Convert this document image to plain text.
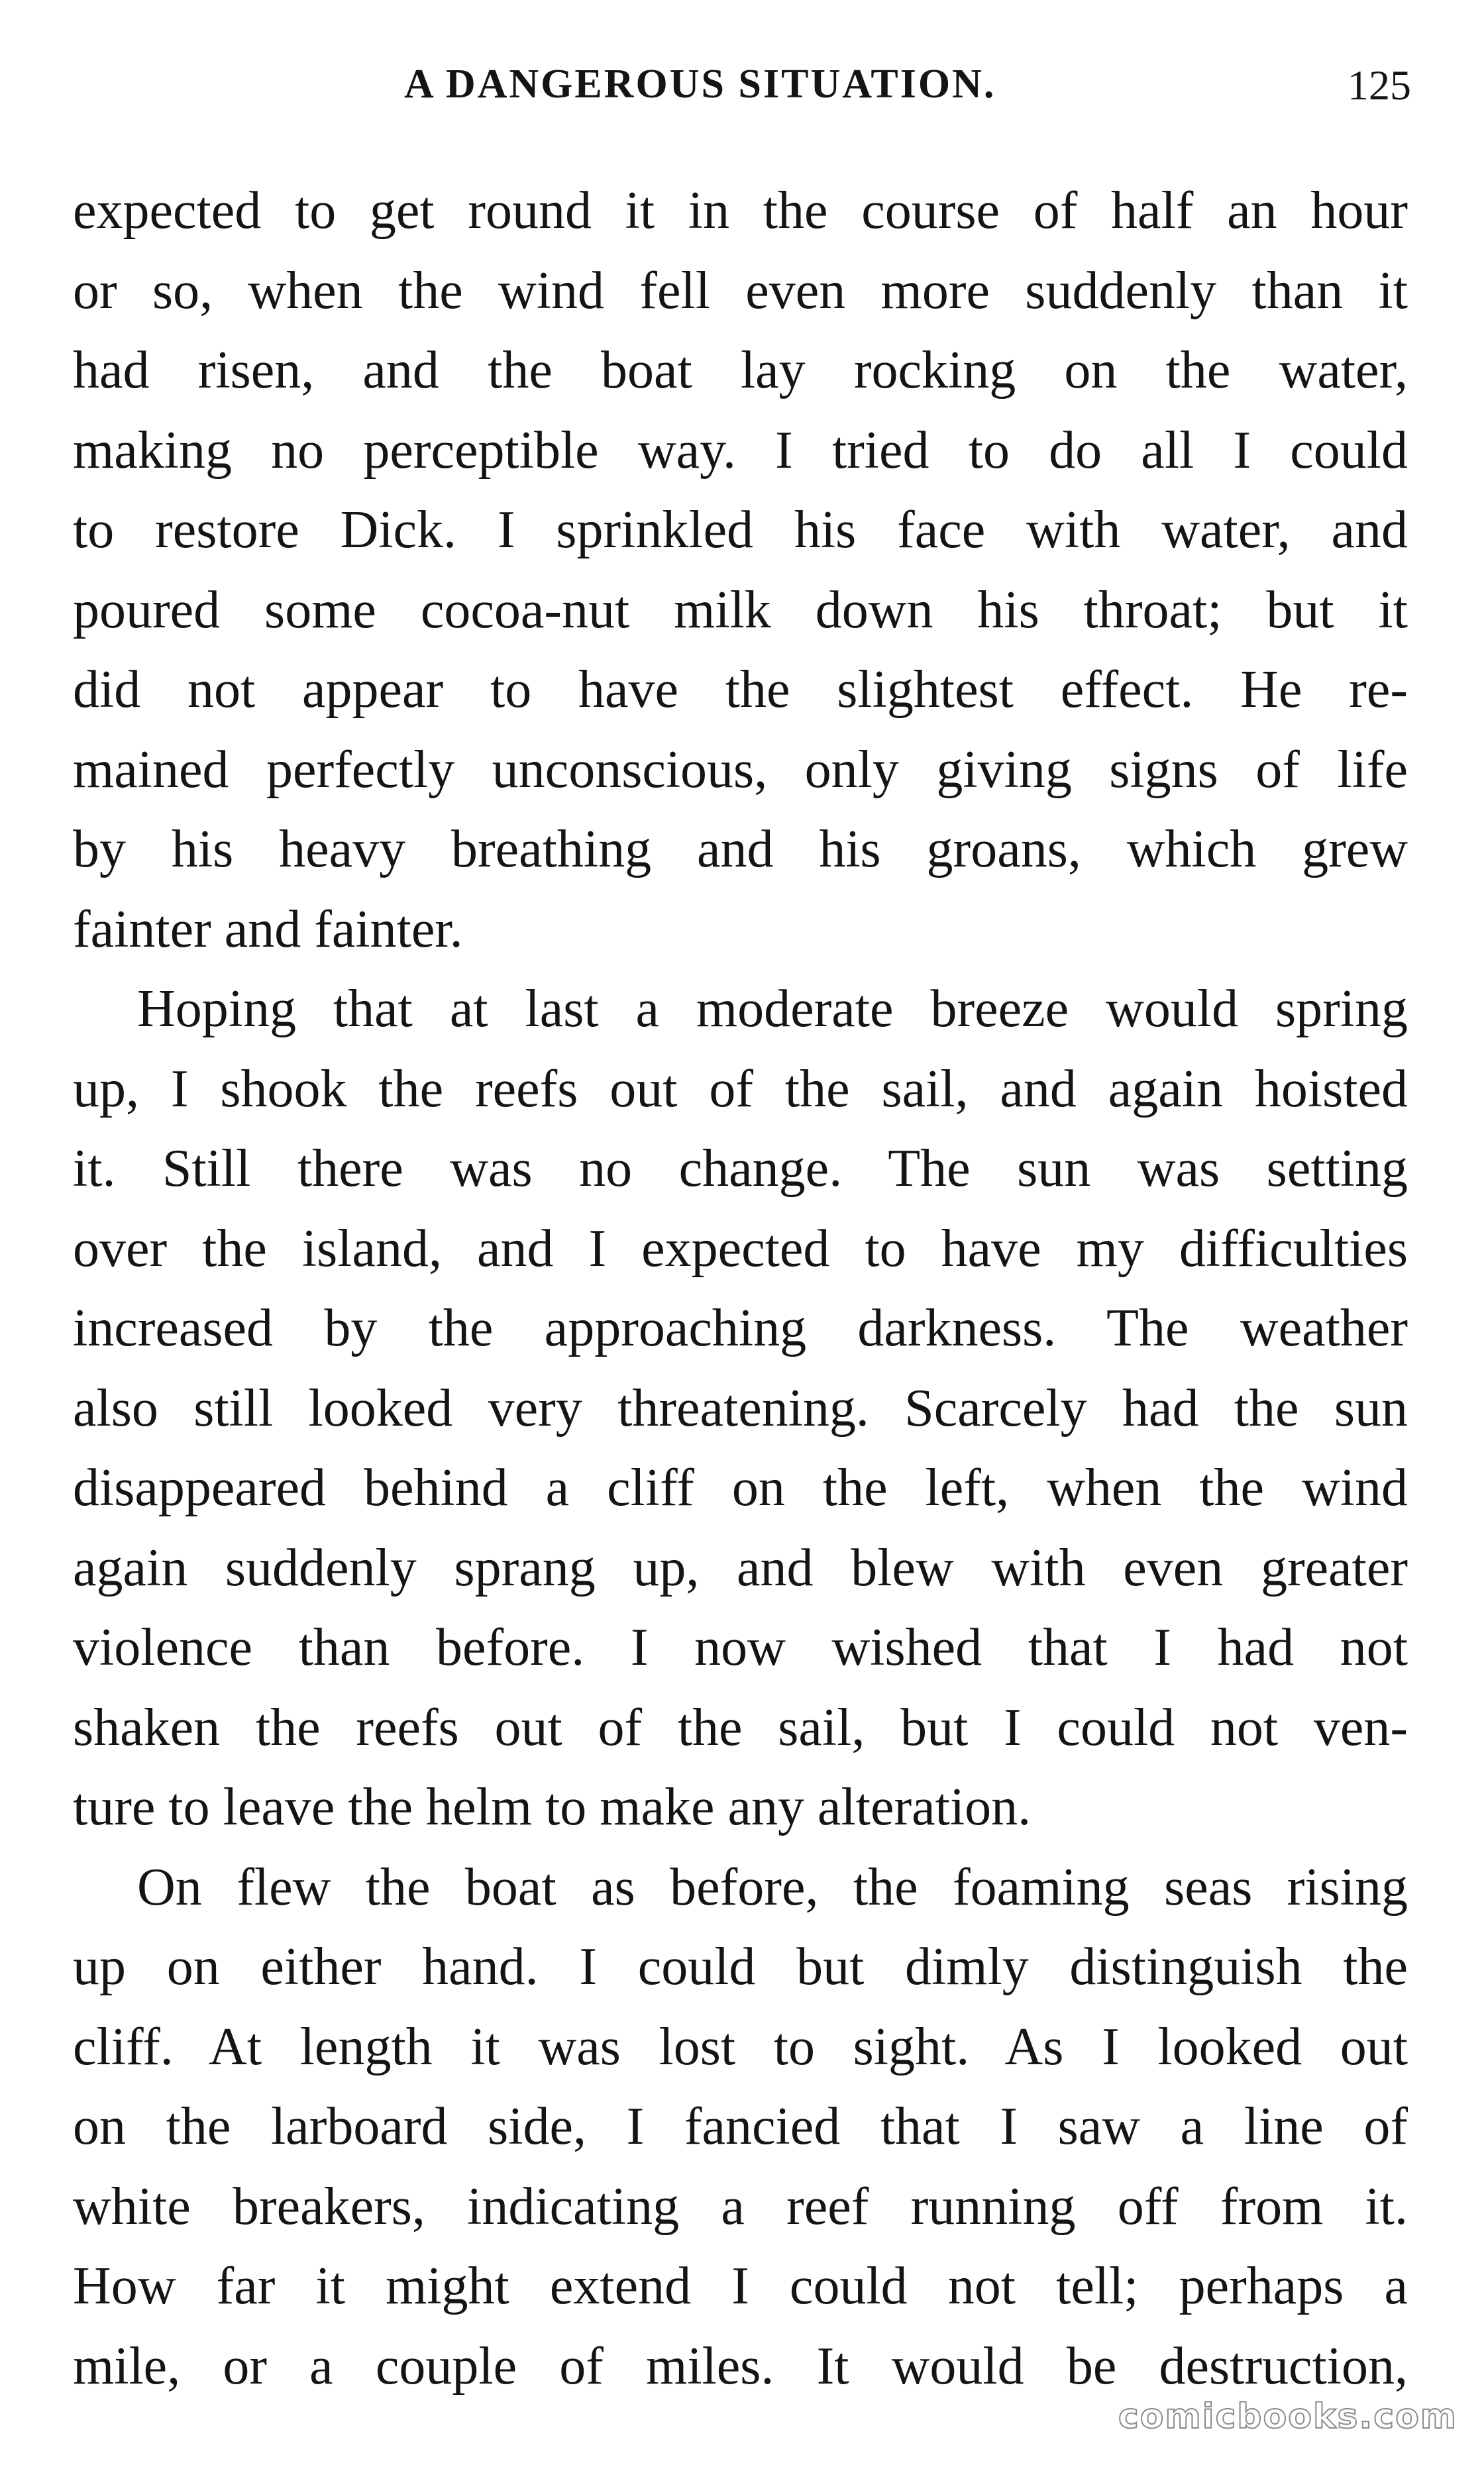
A DANGEROUS SITUATION.	125
expected to get round it in the course of half an hour
or so, when the wind fell even more suddenly than it
had risen, and the boat lay rocking on the water,
making no perceptible way. I tried to do all I could
to restore Dick. I sprinkled his face with water, and
poured some cocoa-nut milk down his throat; but it
did not appear to have the slightest effect. He re-
mained perfectly unconscious, only giving signs of life
by his heavy breathing and his groans, which grew
fainter and fainter.
Hoping that at last a moderate breeze would spring
up, I shook the reefs out of the sail, and again hoisted
it. Still there was no change. The sun was setting
over the island, and I expected to have my difficulties
increased by the approaching darkness. The weather
also still looked very threatening. Scarcely had the sun
disappeared behind a cliff on the left, when the wind
again suddenly sprang up, and blew with even greater
violence than before. I now wished that I had not
shaken the reefs out of the sail, but I could not ven-
ture to leave the helm to make any alteration.
On flew the boat as before, the foaming seas rising
up on either hand. I could but dimly distinguish the
cliff. At length it was lost to sight. As I looked out
on the larboard side, I fancied that I saw a line of
white breakers, indicating a reef running off from it.
How far it might extend I could not tell; perhaps a
mile, or a couple of miles. It would be destruction,
comicbooks.com
